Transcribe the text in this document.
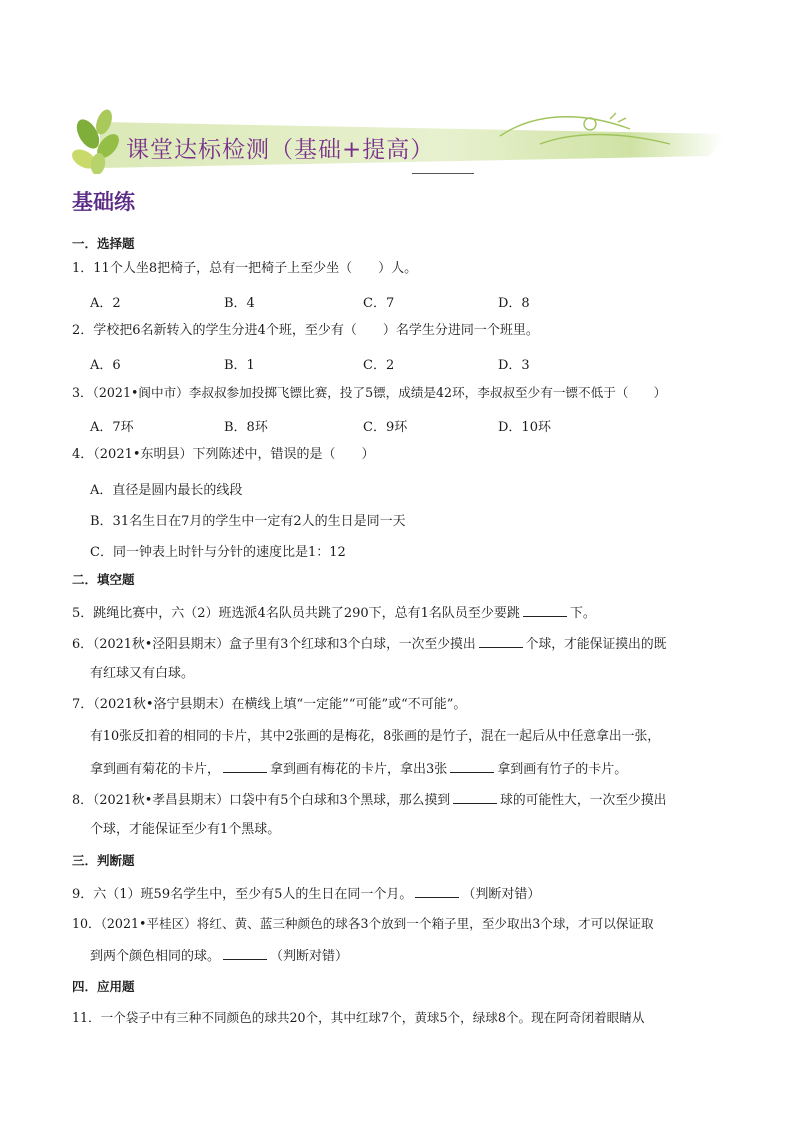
课堂达标检测（基础+提高）
基础练
一．选择题
1．11个人坐8把椅子，总有一把椅子上至少坐（　　）人。
A．2	B．4	C．7	D．8
2．学校把6名新转入的学生分进4个班，至少有（　　）名学生分进同一个班里。
A．6	B．1	C．2	D．3
3．（2021•阆中市）李叔叔参加投掷飞镖比赛，投了5镖，成绩是42环，李叔叔至少有一镖不低于（　　）
A．7环	B．8环	C．9环	D．10环
4．（2021•东明县）下列陈述中，错误的是（　　）
A．直径是圆内最长的线段
B．31名生日在7月的学生中一定有2人的生日是同一天
C．同一钟表上时针与分针的速度比是1：12
二．填空题
5．跳绳比赛中，六（2）班选派4名队员共跳了290下，总有1名队员至少要跳	下。
6．（2021秋•泾阳县期末）盒子里有3个红球和3个白球，一次至少摸出	个球，才能保证摸出的既
有红球又有白球。
7．（2021秋•洛宁县期末）在横线上填“一定能”“可能”或“不可能”。
有10张反扣着的相同的卡片，其中2张画的是梅花，8张画的是竹子，混在一起后从中任意拿出一张，
拿到画有菊花的卡片，	拿到画有梅花的卡片，拿出3张	拿到画有竹子的卡片。
8．（2021秋•孝昌县期末）口袋中有5个白球和3个黑球，那么摸到	球的可能性大，一次至少摸出
个球，才能保证至少有1个黑球。
三．判断题
9．六（1）班59名学生中，至少有5人的生日在同一个月。	（判断对错）
10．（2021•平桂区）将红、黄、蓝三种颜色的球各3个放到一个箱子里，至少取出3个球，才可以保证取
到两个颜色相同的球。	（判断对错）
四．应用题
11．一个袋子中有三种不同颜色的球共20个，其中红球7个，黄球5个，绿球8个。现在阿奇闭着眼睛从
